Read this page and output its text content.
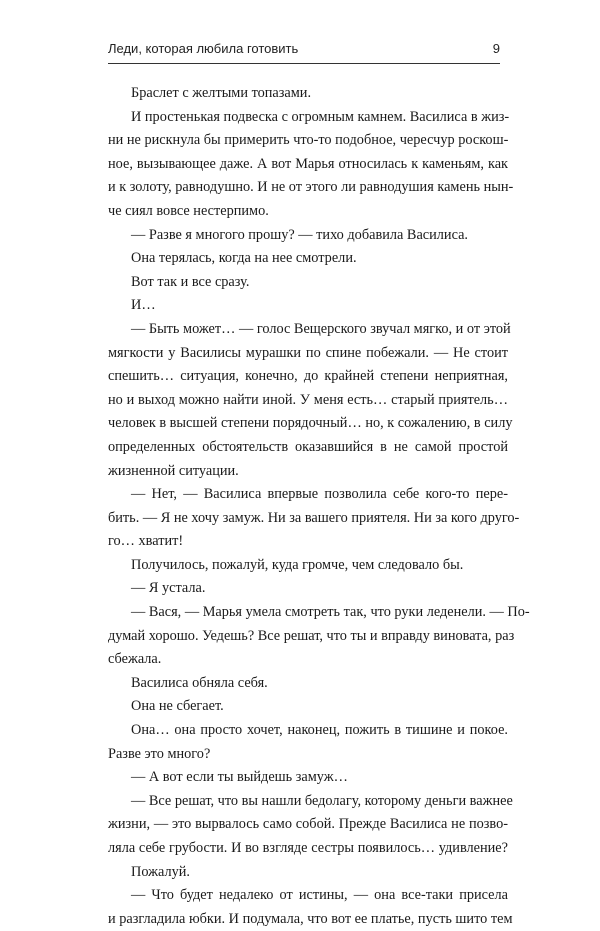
Леди, которая любила готовить	9
Браслет с желтыми топазами.
И простенькая подвеска с огромным камнем. Василиса в жиз-
ни не рискнула бы примерить что-то подобное, чересчур роскош-
ное, вызывающее даже. А вот Марья относилась к каменьям, как
и к золоту, равнодушно. И не от этого ли равнодушия камень нын-
че сиял вовсе нестерпимо.
— Разве я многого прошу? — тихо добавила Василиса.
Она терялась, когда на нее смотрели.
Вот так и все сразу.
И…
— Быть может… — голос Вещерского звучал мягко, и от этой
мягкости у Василисы мурашки по спине побежали. — Не стоит
спешить… ситуация, конечно, до крайней степени неприятная,
но и выход можно найти иной. У меня есть… старый приятель…
человек в высшей степени порядочный… но, к сожалению, в силу
определенных обстоятельств оказавшийся в не самой простой
жизненной ситуации.
— Нет, — Василиса впервые позволила себе кого-то пере-
бить. — Я не хочу замуж. Ни за вашего приятеля. Ни за кого друго-
го… хватит!
Получилось, пожалуй, куда громче, чем следовало бы.
— Я устала.
— Вася, — Марья умела смотреть так, что руки леденели. — По-
думай хорошо. Уедешь? Все решат, что ты и вправду виновата, раз
сбежала.
Василиса обняла себя.
Она не сбегает.
Она… она просто хочет, наконец, пожить в тишине и покое.
Разве это много?
— А вот если ты выйдешь замуж…
— Все решат, что вы нашли бедолагу, которому деньги важнее
жизни, — это вырвалось само собой. Прежде Василиса не позво-
ляла себе грубости. И во взгляде сестры появилось… удивление?
Пожалуй.
— Что будет недалеко от истины, — она все-таки присела
и разгладила юбки. И подумала, что вот ее платье, пусть шито тем
